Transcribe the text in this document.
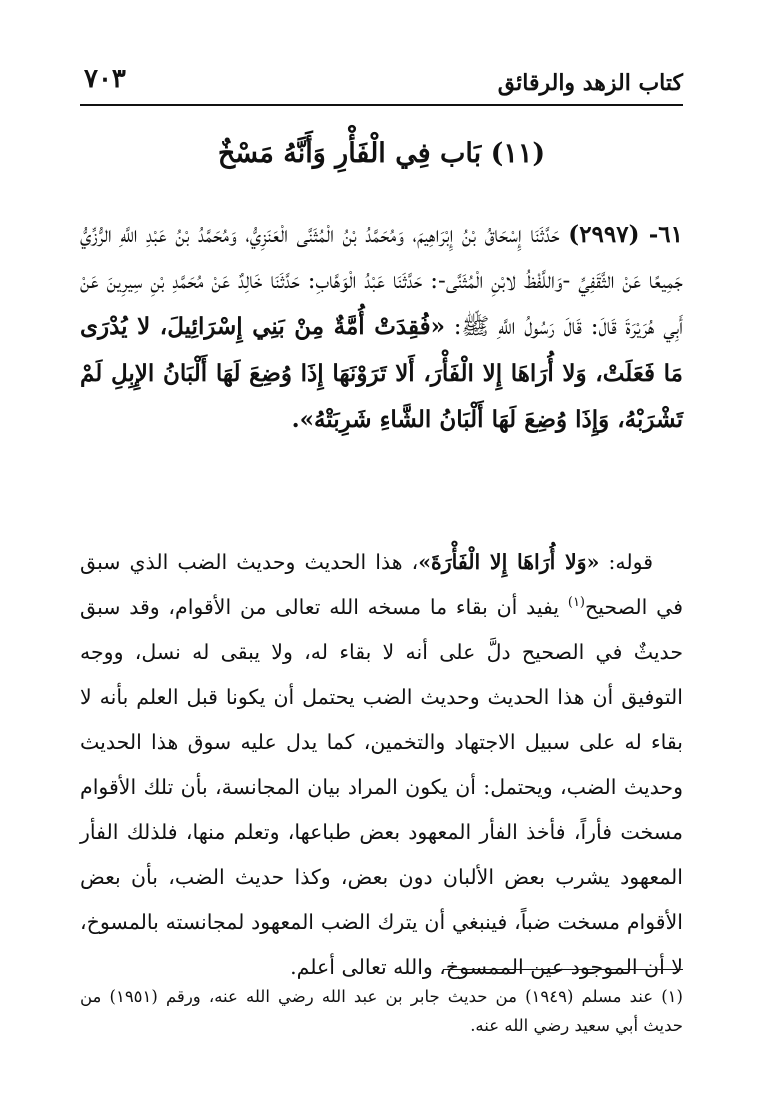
كتاب الزهد والرقائق
٧٠٣
(١١) بَاب فِي الْفَأْرِ وَأَنَّهُ مَسْخٌ
٦١- (٢٩٩٧) حَدَّثَنَا إِسْحَاقُ بْنُ إِبْرَاهِيمَ، وَمُحَمَّدُ بْنُ الْمُثَنَّى الْعَنَزِيُّ، وَمُحَمَّدُ بْنُ عَبْدِ اللَّهِ الرُّزِّيُّ جَمِيعًا عَنْ الثَّقَفِيِّ -وَاللَّفْظُ لابْنِ الْمُثَنَّى-: حَدَّثَنَا عَبْدُ الْوَهَّابِ: حَدَّثَنَا خَالِدٌ عَنْ مُحَمَّدِ بْنِ سِيرِينَ عَنْ أَبِي هُرَيْرَةَ قَالَ: قَالَ رَسُولُ اللَّهِ ﷺ: «فُقِدَتْ أُمَّةٌ مِنْ بَنِي إِسْرَائِيلَ، لا يُدْرَى مَا فَعَلَتْ، وَلا أُرَاهَا إِلا الْفَأْرَ، أَلا تَرَوْنَهَا إِذَا وُضِعَ لَهَا أَلْبَانُ الإِبِلِ لَمْ تَشْرَبْهُ، وَإِذَا وُضِعَ لَهَا أَلْبَانُ الشَّاءِ شَرِبَتْهُ».
قوله: «وَلا أُرَاهَا إِلا الْفَأْرَةَ»، هذا الحديث وحديث الضب الذي سبق في الصحيح$^{(١)}$ يفيد أن بقاء ما مسخه الله تعالى من الأقوام، وقد سبق حديثٌ في الصحيح دلَّ على أنه لا بقاء له، ولا يبقى له نسل، ووجه التوفيق أن هذا الحديث وحديث الضب يحتمل أن يكونا قبل العلم بأنه لا بقاء له على سبيل الاجتهاد والتخمين، كما يدل عليه سوق هذا الحديث وحديث الضب، ويحتمل: أن يكون المراد بيان المجانسة، بأن تلك الأقوام مسخت فأراً، فأخذ الفأر المعهود بعض طباعها، وتعلم منها، فلذلك الفأر المعهود يشرب بعض الألبان دون بعض، وكذا حديث الضب، بأن بعض الأقوام مسخت ضباً، فينبغي أن يترك الضب المعهود لمجانسته بالمسوخ، لا أن الموجود عين الممسوخ، والله تعالى أعلم.
(١) عند مسلم (١٩٤٩) من حديث جابر بن عبد الله رضي الله عنه، ورقم (١٩٥١) من حديث أبي سعيد رضي الله عنه.
